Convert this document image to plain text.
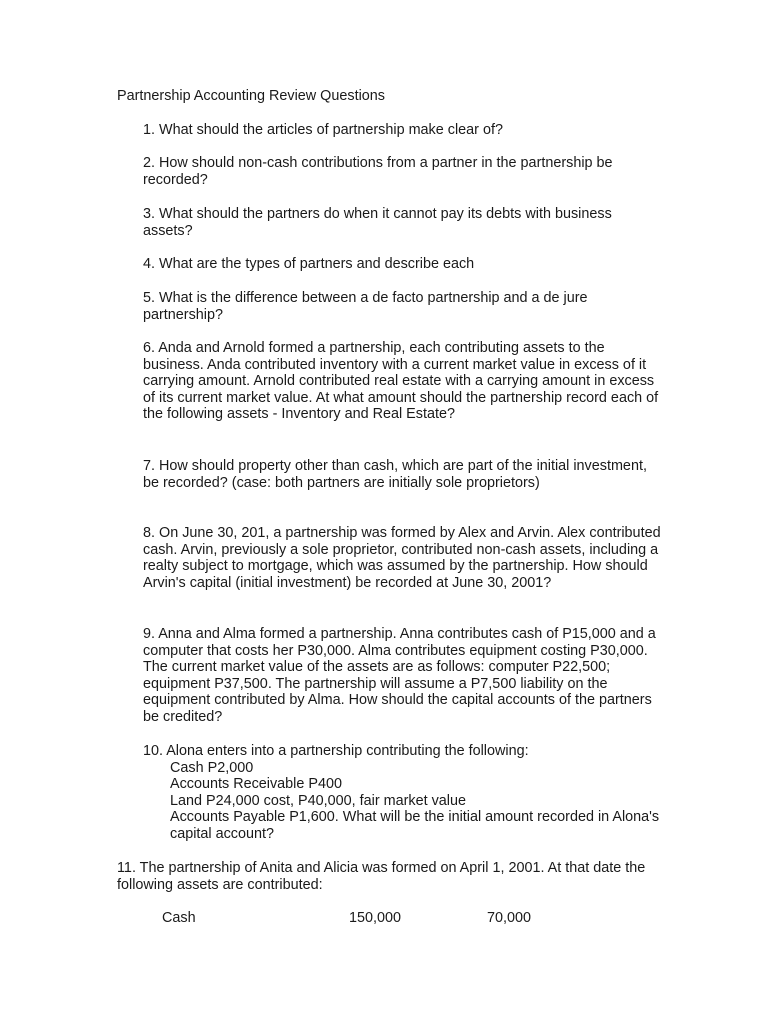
Partnership Accounting Review Questions

1. What should the articles of partnership make clear of?

2. How should non-cash contributions from a partner in the partnership be recorded?

3. What should the partners do when it cannot pay its debts with business assets?

4. What are the types of partners and describe each

5. What is the difference between a de facto partnership and a de jure partnership?

6. Anda and Arnold formed a partnership, each contributing assets to the business. Anda contributed inventory with a current market value in excess of it carrying amount. Arnold contributed real estate with a carrying amount in excess of its current market value. At what amount should the partnership record each of the following assets - Inventory and Real Estate?

7. How should property other than cash, which are part of the initial investment, be recorded? (case: both partners are initially sole proprietors)

8. On June 30, 201, a partnership was formed by Alex and Arvin. Alex contributed cash. Arvin, previously a sole proprietor, contributed non-cash assets, including a realty subject to mortgage, which was assumed by the partnership. How should Arvin's capital (initial investment) be recorded at June 30, 2001?

9. Anna and Alma formed a partnership. Anna contributes cash of P15,000 and a computer that costs her P30,000. Alma contributes equipment costing P30,000. The current market value of the assets are as follows: computer P22,500; equipment P37,500. The partnership will assume a P7,500 liability on the equipment contributed by Alma. How should the capital accounts of the partners be credited?

10. Alona enters into a partnership contributing the following:

Cash P2,000
Accounts Receivable P400
Land P24,000 cost, P40,000, fair market value
Accounts Payable P1,600. What will be the initial amount recorded in Alona's capital account?
11. The partnership of Anita and Alicia was formed on April 1, 2001. At that date the following assets are contributed:
Cash	150,000	70,000
